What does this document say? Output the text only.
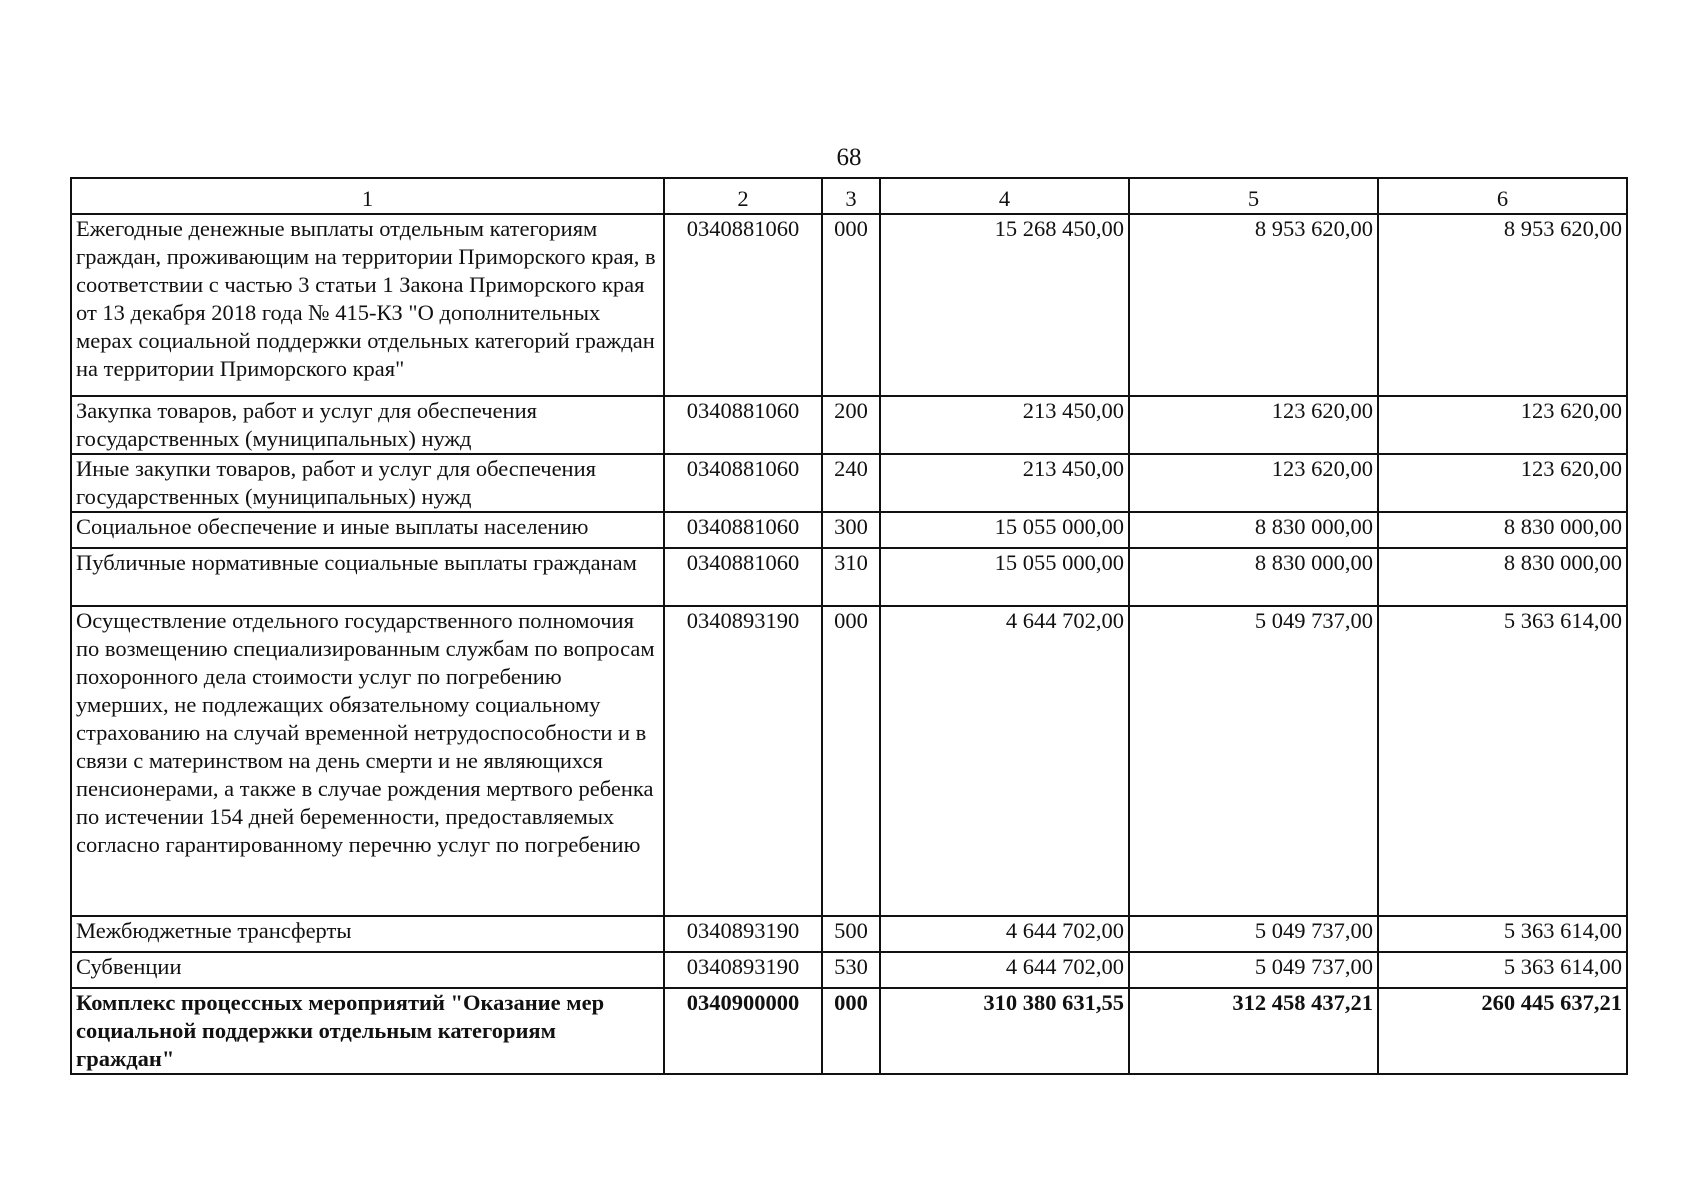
68
1	2	3	4	5	6
Ежегодные денежные выплаты отдельным категориям граждан, проживающим на территории Приморского края, в соответствии с частью 3 статьи 1 Закона Приморского края от 13 декабря 2018 года № 415-КЗ "О дополнительных мерах социальной поддержки отдельных категорий граждан на территории Приморского края"	0340881060	000	15 268 450,00	8 953 620,00	8 953 620,00
Закупка товаров, работ и услуг для обеспечения государственных (муниципальных) нужд	0340881060	200	213 450,00	123 620,00	123 620,00
Иные закупки товаров, работ и услуг для обеспечения государственных (муниципальных) нужд	0340881060	240	213 450,00	123 620,00	123 620,00
Социальное обеспечение и иные выплаты населению	0340881060	300	15 055 000,00	8 830 000,00	8 830 000,00
Публичные нормативные социальные выплаты гражданам	0340881060	310	15 055 000,00	8 830 000,00	8 830 000,00
Осуществление отдельного государственного полномочия по возмещению специализированным службам по вопросам похоронного дела стоимости услуг по погребению умерших, не подлежащих обязательному социальному страхованию на случай временной нетрудоспособности и в связи с материнством на день смерти и не являющихся пенсионерами, а также в случае рождения мертвого ребенка по истечении 154 дней беременности, предоставляемых согласно гарантированному перечню услуг по погребению	0340893190	000	4 644 702,00	5 049 737,00	5 363 614,00
Межбюджетные трансферты	0340893190	500	4 644 702,00	5 049 737,00	5 363 614,00
Субвенции	0340893190	530	4 644 702,00	5 049 737,00	5 363 614,00
Комплекс процессных мероприятий "Оказание мер социальной поддержки отдельным категориям граждан"	0340900000	000	310 380 631,55	312 458 437,21	260 445 637,21
